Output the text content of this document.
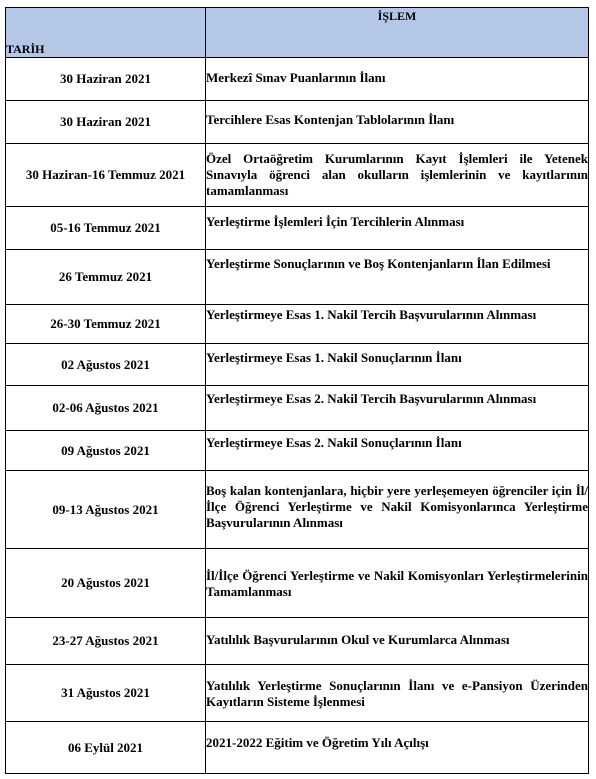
TARİH	İŞLEM
30 Haziran 2021	Merkezî Sınav Puanlarının İlanı
30 Haziran 2021	Tercihlere Esas Kontenjan Tablolarının İlanı
30 Haziran-16 Temmuz 2021	Özel Ortaöğretim Kurumlarının Kayıt İşlemleri ile Yetenek Sınavıyla öğrenci alan okulların işlemlerinin ve kayıtlarının tamamlanması
05-16 Temmuz 2021	Yerleştirme İşlemleri İçin Tercihlerin Alınması
26 Temmuz 2021	Yerleştirme Sonuçlarının ve Boş Kontenjanların İlan Edilmesi
26-30 Temmuz 2021	Yerleştirmeye Esas 1. Nakil Tercih Başvurularının Alınması
02 Ağustos 2021	Yerleştirmeye Esas 1. Nakil Sonuçlarının İlanı
02-06 Ağustos 2021	Yerleştirmeye Esas 2. Nakil Tercih Başvurularının Alınması
09 Ağustos 2021	Yerleştirmeye Esas 2. Nakil Sonuçlarının İlanı
09-13 Ağustos 2021	Boş kalan kontenjanlara, hiçbir yere yerleşemeyen öğrenciler için İl/İlçe Öğrenci Yerleştirme ve Nakil Komisyonlarınca Yerleştirme Başvurularının Alınması
20 Ağustos 2021	İl/İlçe Öğrenci Yerleştirme ve Nakil Komisyonları Yerleştirmelerinin Tamamlanması
23-27 Ağustos 2021	Yatılılık Başvurularının Okul ve Kurumlarca Alınması
31 Ağustos 2021	Yatılılık Yerleştirme Sonuçlarının İlanı ve e-Pansiyon Üzerinden Kayıtların Sisteme İşlenmesi
06 Eylül 2021	2021-2022 Eğitim ve Öğretim Yılı Açılışı
